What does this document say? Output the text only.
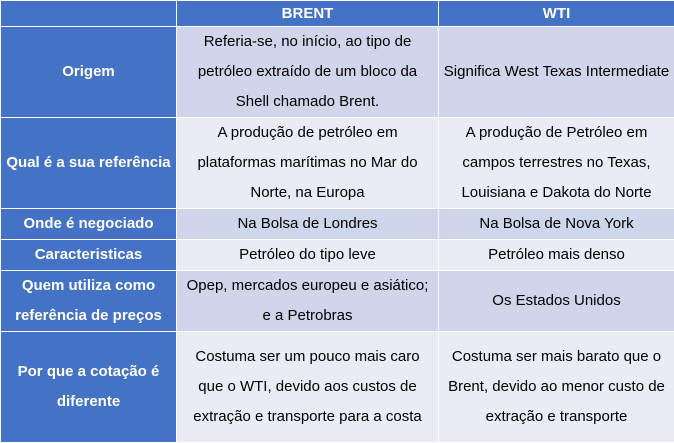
	BRENT	WTI
Origem	Referia-se, no início, ao tipo de petróleo extraído de um bloco da Shell chamado Brent.	Significa West Texas Intermediate
Qual é a sua referência	A produção de petróleo em plataformas marítimas no Mar do Norte, na Europa	A produção de Petróleo em campos terrestres no Texas, Louisiana e Dakota do Norte
Onde é negociado	Na Bolsa de Londres	Na Bolsa de Nova York
Caracteristicas	Petróleo do tipo leve	Petróleo mais denso
Quem utiliza como referência de preços	Opep, mercados europeu e asiático; e a Petrobras	Os Estados Unidos
Por que a cotação é diferente	Costuma ser um pouco mais caro que o WTI, devido aos custos de extração e transporte para a costa	Costuma ser mais barato que o Brent, devido ao menor custo de extração e transporte
